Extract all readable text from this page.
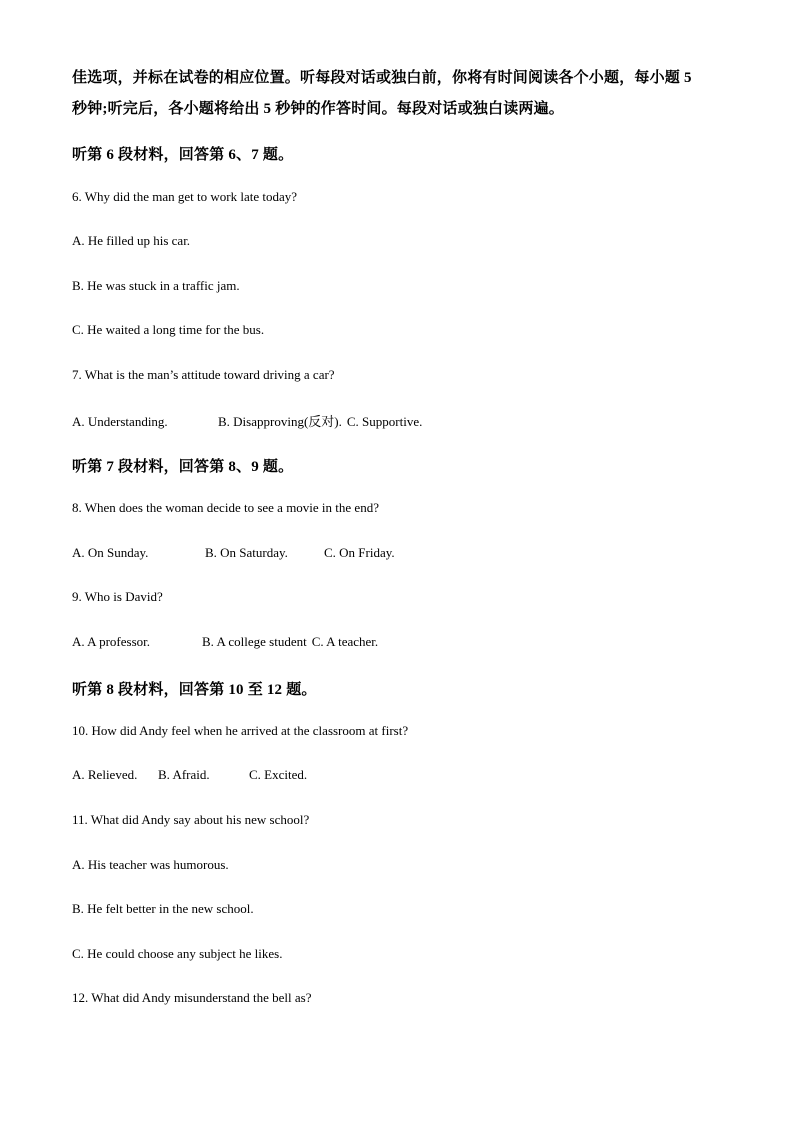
佳选项，并标在试卷的相应位置。听每段对话或独白前，你将有时间阅读各个小题，每小题 5
秒钟;听完后，各小题将给出 5 秒钟的作答时间。每段对话或独白读两遍。
听第 6 段材料，回答第 6、7 题。
6. Why did the man get to work late today?
A. He filled up his car.
B. He was stuck in a traffic jam.
C. He waited a long time for the bus.
7. What is the man’s attitude toward driving a car?
A. Understanding.	B. Disapproving(反对). C. Supportive.
听第 7 段材料，回答第 8、9 题。
8. When does the woman decide to see a movie in the end?
A. On Sunday.	B. On Saturday.	C. On Friday.
9. Who is David?
A. A professor.	B. A college student C. A teacher.
听第 8 段材料，回答第 10 至 12 题。
10. How did Andy feel when he arrived at the classroom at first?
A. Relieved. B. Afraid.	C. Excited.
11. What did Andy say about his new school?
A. His teacher was humorous.
B. He felt better in the new school.
C. He could choose any subject he likes.
12. What did Andy misunderstand the bell as?
